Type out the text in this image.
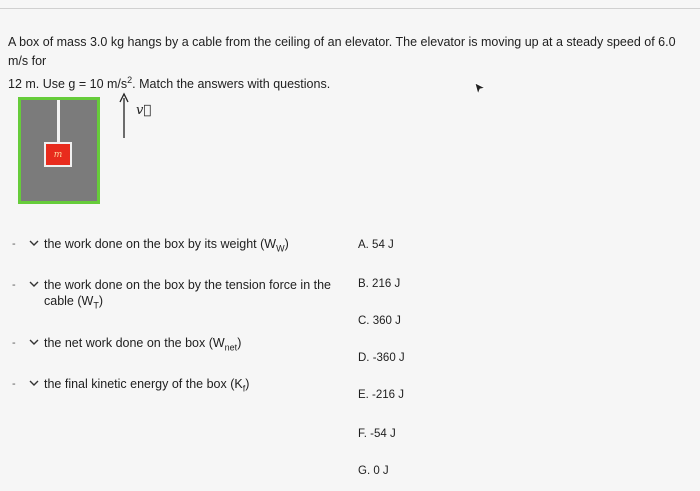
A box of mass 3.0 kg hangs by a cable from the ceiling of an elevator. The elevator is moving up at a steady speed of 6.0 m/s for
12 m. Use g = 10 $m/s^2$. Match the answers with questions.
m
v⃗
- the work done on the box by its weight $(W_W)$
- the work done on the box by the tension force in the
cable $(W_T)$
- the net work done on the box $(W_{net})$
- the final kinetic energy of the box $(K_f)$
A. 54 J
B. 216 J
C. 360 J
D. -360 J
E. -216 J
F. -54 J
G. 0 J
